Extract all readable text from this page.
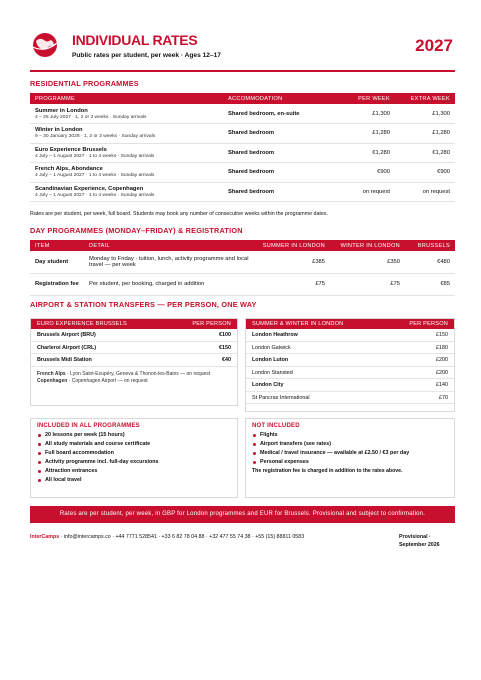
INDIVIDUAL RATES
Public rates per student, per week · Ages 12–17
2027
RESIDENTIAL PROGRAMMES
PROGRAMME	ACCOMMODATION	PER WEEK	EXTRA WEEK
Summer in London
4 – 25 July 2027 · 1, 2 or 3 weeks · Sunday arrivals	Shared bedroom, en-suite	£1,300	£1,300
Winter in London
9 – 30 January 2028 · 1, 2 or 3 weeks · Sunday arrivals	Shared bedroom	£1,280	£1,280
Euro Experience Brussels
4 July – 1 August 2027 · 1 to 4 weeks · Sunday arrivals	Shared bedroom	€1,280	€1,280
French Alps, Abondance
4 July – 1 August 2027 · 1 to 4 weeks · Sunday arrivals	Shared bedroom	€900	€900
Scandinavian Experience, Copenhagen
4 July – 1 August 2027 · 1 to 4 weeks · Sunday arrivals	Shared bedroom	on request	on request
Rates are per student, per week, full board. Students may book any number of consecutive weeks within the programme dates.
DAY PROGRAMMES (MONDAY–FRIDAY) & REGISTRATION
ITEM	DETAIL	SUMMER IN LONDON	WINTER IN LONDON	BRUSSELS
Day student	Monday to Friday · tuition, lunch, activity programme and local travel — per week	£385	£350	€480
Registration fee	Per student, per booking, charged in addition	£75	£75	€85
AIRPORT & STATION TRANSFERS — PER PERSON, ONE WAY
EURO EXPERIENCE BRUSSELS	PER PERSON
Brussels Airport (BRU)	€100
Charleroi Airport (CRL)	€150
Brussels Midi Station	€40
French Alps · Lyon Saint-Exupéry, Geneva & Thonon-les-Bains — on request
Copenhagen · Copenhagen Airport — on request
SUMMER & WINTER IN LONDON	PER PERSON
London Heathrow	£150
London Gatwick	£180
London Luton	£200
London Stansted	£200
London City	£140
St Pancras International	£70
INCLUDED IN ALL PROGRAMMES
20 lessons per week (15 hours)
All study materials and course certificate
Full board accommodation
Activity programme incl. full-day excursions
Attraction entrances
All local travel
NOT INCLUDED
Flights
Airport transfers (see rates)
Medical / travel insurance — available at £2.50 / €3 per day
Personal expenses
The registration fee is charged in addition to the rates above.
Rates are per student, per week, in GBP for London programmes and EUR for Brussels. Provisional and subject to confirmation.
InterCamps · info@intercamps.co · +44 7771 528541 · +33 6 82 78 04 88 · +32 477 55 74 38 · +55 (15) 88811 0583	Provisional · September 2026
